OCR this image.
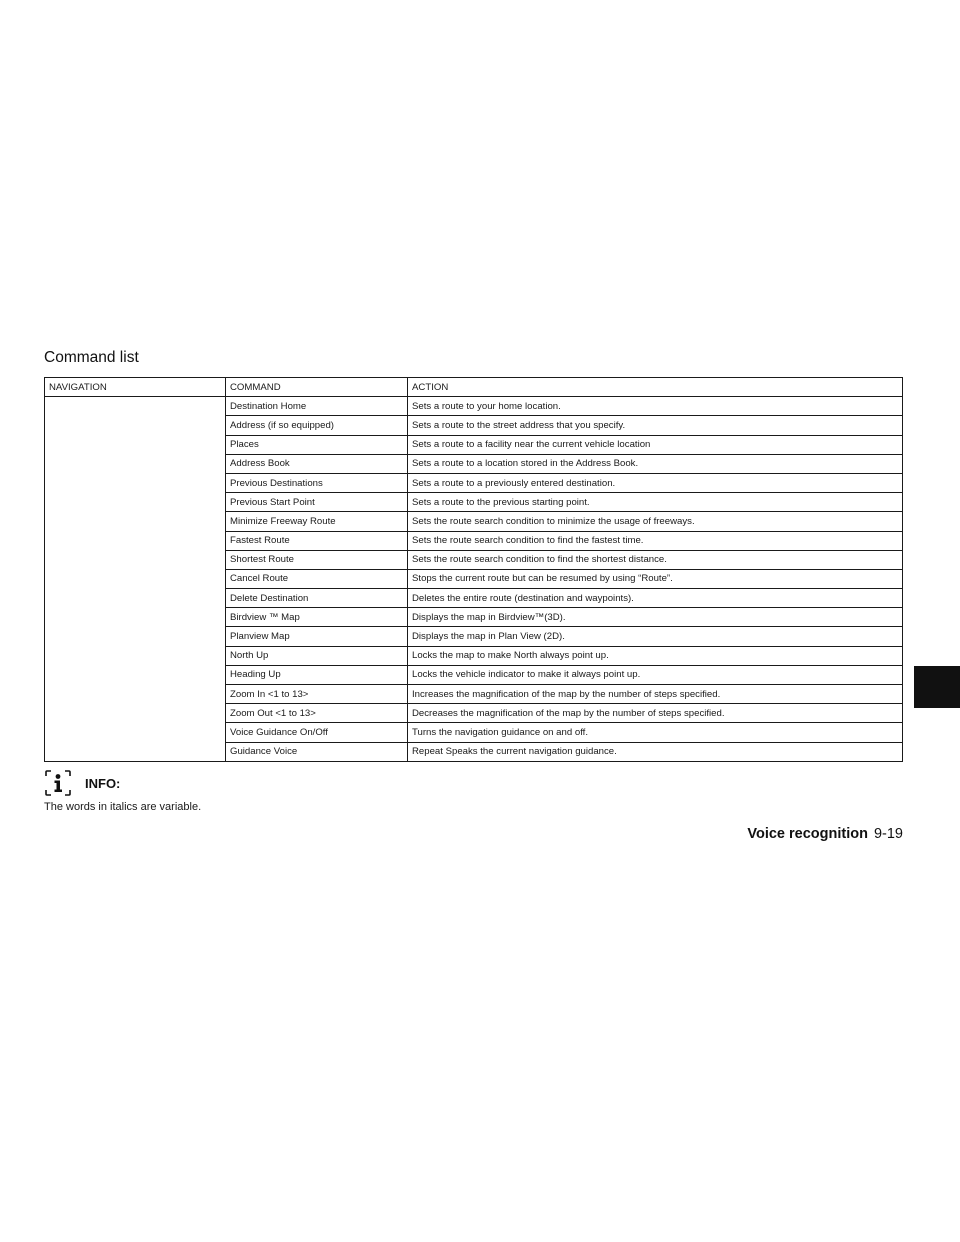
Command list
NAVIGATION	COMMAND	ACTION
	Destination Home	Sets a route to your home location.
	Address (if so equipped)	Sets a route to the street address that you specify.
	Places	Sets a route to a facility near the current vehicle location
	Address Book	Sets a route to a location stored in the Address Book.
	Previous Destinations	Sets a route to a previously entered destination.
	Previous Start Point	Sets a route to the previous starting point.
	Minimize Freeway Route	Sets the route search condition to minimize the usage of freeways.
	Fastest Route	Sets the route search condition to find the fastest time.
	Shortest Route	Sets the route search condition to find the shortest distance.
	Cancel Route	Stops the current route but can be resumed by using “Route”.
	Delete Destination	Deletes the entire route (destination and waypoints).
	Birdview ™ Map	Displays the map in Birdview™(3D).
	Planview Map	Displays the map in Plan View (2D).
	North Up	Locks the map to make North always point up.
	Heading Up	Locks the vehicle indicator to make it always point up.
	Zoom In <1 to 13>	Increases the magnification of the map by the number of steps specified.
	Zoom Out <1 to 13>	Decreases the magnification of the map by the number of steps specified.
	Voice Guidance On/Off	Turns the navigation guidance on and off.
	Guidance Voice	Repeat Speaks the current navigation guidance.
INFO:
The words in italics are variable.
Voice recognition 9-19
